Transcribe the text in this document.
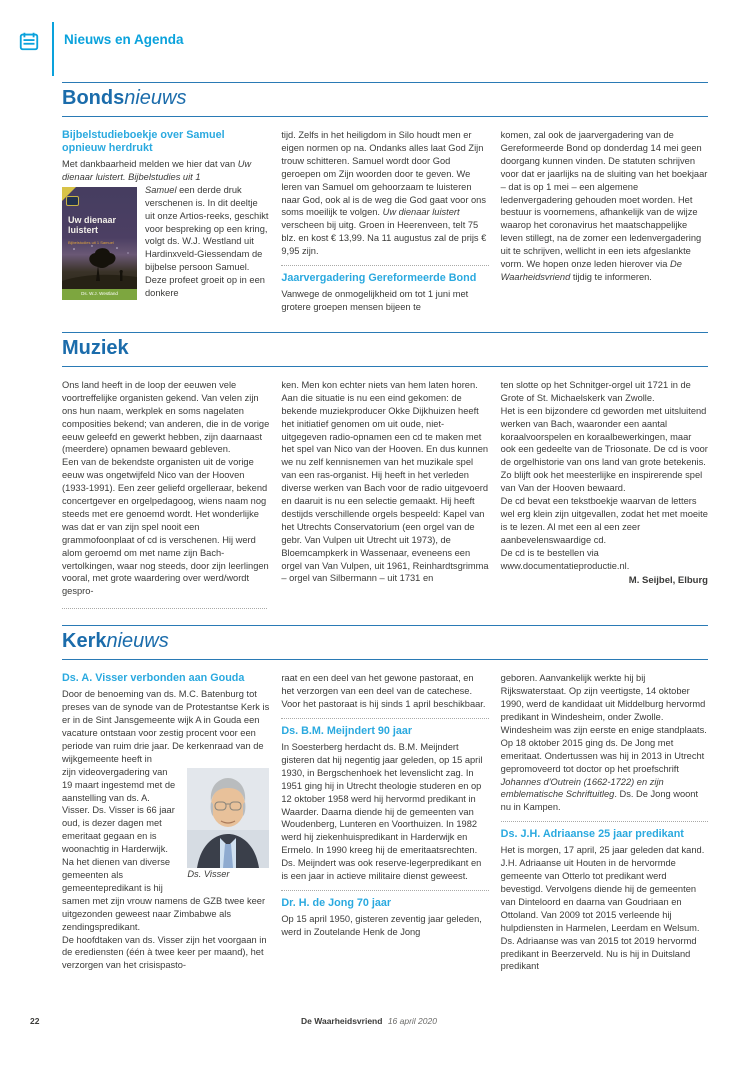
Nieuws en Agenda
Bondsnieuws
Bijbelstudieboekje over Samuel opnieuw herdrukt

Met dankbaarheid melden we hier dat van Uw dienaar luistert. Bijbelstudies uit 1

Uw dienaar
luistert
Bijbelstudies uit 1 Samuel
Ds. W.J. Westland
Samuel een derde druk verschenen is. In dit deeltje uit onze Artios-reeks, geschikt voor bespreking op een kring, volgt ds. W.J. Westland uit Hardinxveld-Giessendam de bijbelse persoon Samuel. Deze profeet groeit op in een donkere

tijd. Zelfs in het heiligdom in Silo houdt men er eigen normen op na. Ondanks alles laat God Zijn trouw schitteren. Samuel wordt door God geroepen om Zijn woorden door te geven. We leren van Samuel om gehoorzaam te luisteren naar God, ook al is de weg die God gaat voor ons soms moeilijk te volgen. Uw dienaar luistert verscheen bij uitg. Groen in Heerenveen, telt 75 blz. en kost € 13,99. Na 11 augustus zal de prijs € 9,95 zijn.

Jaarvergadering Gereformeerde Bond

Vanwege de onmogelijkheid om tot 1 juni met grotere groepen mensen bijeen te

komen, zal ook de jaarvergadering van de Gereformeerde Bond op donderdag 14 mei geen doorgang kunnen vinden. De statuten schrijven voor dat er jaarlijks na de sluiting van het boekjaar – dat is op 1 mei – een algemene ledenvergadering gehouden moet worden. Het bestuur is voornemens, afhankelijk van de wijze waarop het coronavirus het maatschappelijke leven stillegt, na de zomer een ledenvergadering uit te schrijven, wellicht in een iets afgeslankte vorm. We hopen onze leden hierover via De Waarheidsvriend tijdig te informeren.

Muziek

Ons land heeft in de loop der eeuwen vele voortreffelijke organisten gekend. Van velen zijn ons hun naam, werkplek en soms nagelaten composities bekend; van anderen, die in de vorige eeuw geleefd en gewerkt hebben, zijn daarnaast (meerdere) opnamen bewaard gebleven.

Een van de bekendste organisten uit de vorige eeuw was ongetwijfeld Nico van der Hooven (1933-1991). Een zeer geliefd orgelleraar, bekend concertgever en orgelpedagoog, wiens naam nog steeds met ere genoemd wordt. Het wonderlijke was dat er van zijn spel nooit een grammofoonplaat of cd is verschenen. Hij werd alom geroemd om met name zijn Bach-vertolkingen, waar nog steeds, door zijn leerlingen vooral, met grote waardering over werd/wordt gespro-

ken. Men kon echter niets van hem laten horen.

Aan die situatie is nu een eind gekomen: de bekende muziekproducer Okke Dijkhuizen heeft het initiatief genomen om uit oude, niet-uitgegeven radio-opnamen een cd te maken met het spel van Nico van der Hooven. En dus kunnen we nu zelf kennisnemen van het muzikale spel van een ras-organist. Hij heeft in het verleden diverse werken van Bach voor de radio uitgevoerd en daaruit is nu een selectie gemaakt. Hij heeft destijds verschillende orgels bespeeld: Kapel van het Utrechts Conservatorium (een orgel van de gebr. Van Vulpen uit Utrecht uit 1973), de Bloemcampkerk in Wassenaar, eveneens een orgel van Van Vulpen, uit 1961, Reinhardtsgrimma – orgel van Silbermann – uit 1731 en

ten slotte op het Schnitger-orgel uit 1721 in de Grote of St. Michaelskerk van Zwolle.

Het is een bijzondere cd geworden met uitsluitend werken van Bach, waaronder een aantal koraalvoorspelen en koraalbewerkingen, maar ook een gedeelte van de Triosonate. De cd is voor de orgelhistorie van ons land van grote betekenis. Zo blijft ook het meesterlijke en inspirerende spel van Van der Hooven bewaard.

De cd bevat een tekstboekje waarvan de letters wel erg klein zijn uitgevallen, zodat het met moeite is te lezen. Al met een al een zeer aanbevelenswaardige cd.

De cd is te bestellen via www.documentatieproductie.nl.

M. Seijbel, Elburg
Kerknieuws
Ds. A. Visser verbonden aan Gouda

Door de benoeming van ds. M.C. Batenburg tot preses van de synode van de Protestantse Kerk is er in de Sint Jansgemeente wijk A in Gouda een vacature ontstaan voor zestig procent voor een periode van ruim drie jaar. De kerkenraad van de wijkgemeente heeft in

Ds. Visser
zijn videovergadering van 19 maart ingestemd met de aanstelling van ds. A. Visser. Ds. Visser is 66 jaar oud, is dezer dagen met emeritaat gegaan en is woonachtig in Harderwijk. Na het dienen van diverse gemeenten als gemeentepredikant is hij samen met zijn vrouw namens de GZB twee keer uitgezonden geweest naar Zimbabwe als zendingspredikant.

De hoofdtaken van ds. Visser zijn het voorgaan in de erediensten (één à twee keer per maand), het verzorgen van het crisispasto-

raat en een deel van het gewone pastoraat, en het verzorgen van een deel van de catechese. Voor het pastoraat is hij sinds 1 april beschikbaar.

Ds. B.M. Meijndert 90 jaar

In Soesterberg herdacht ds. B.M. Meijndert gisteren dat hij negentig jaar geleden, op 15 april 1930, in Bergschenhoek het levenslicht zag. In 1951 ging hij in Utrecht theologie studeren en op 12 oktober 1958 werd hij hervormd predikant in Waarder. Daarna diende hij de gemeenten van Woudenberg, Lunteren en Voorthuizen. In 1982 werd hij ziekenhuispredikant in Harderwijk en Ermelo. In 1990 kreeg hij de emeritaatsrechten. Ds. Meijndert was ook reserve-legerpredikant en is een jaar in actieve militaire dienst geweest.

Dr. H. de Jong 70 jaar

Op 15 april 1950, gisteren zeventig jaar geleden, werd in Zoutelande Henk de Jong

geboren. Aanvankelijk werkte hij bij Rijkswaterstaat. Op zijn veertigste, 14 oktober 1990, werd de kandidaat uit Middelburg hervormd predikant in Windesheim, onder Zwolle. Windesheim was zijn eerste en enige standplaats. Op 18 oktober 2015 ging ds. De Jong met emeritaat. Ondertussen was hij in 2013 in Utrecht gepromoveerd tot doctor op het proefschrift Johannes d'Outrein (1662-1722) en zijn emblematische Schriftuitleg. Ds. De Jong woont nu in Kampen.

Ds. J.H. Adriaanse 25 jaar predikant

Het is morgen, 17 april, 25 jaar geleden dat kand. J.H. Adriaanse uit Houten in de hervormde gemeente van Otterlo tot predikant werd bevestigd. Vervolgens diende hij de gemeenten van Dinteloord en daarna van Goudriaan en Ottoland. Van 2009 tot 2015 verleende hij hulpdiensten in Harmelen, Leerdam en Welsum. Ds. Adriaanse was van 2015 tot 2019 hervormd predikant in Beerzerveld. Nu is hij in Duitsland predikant

22	De Waarheidsvriend 16 april 2020
